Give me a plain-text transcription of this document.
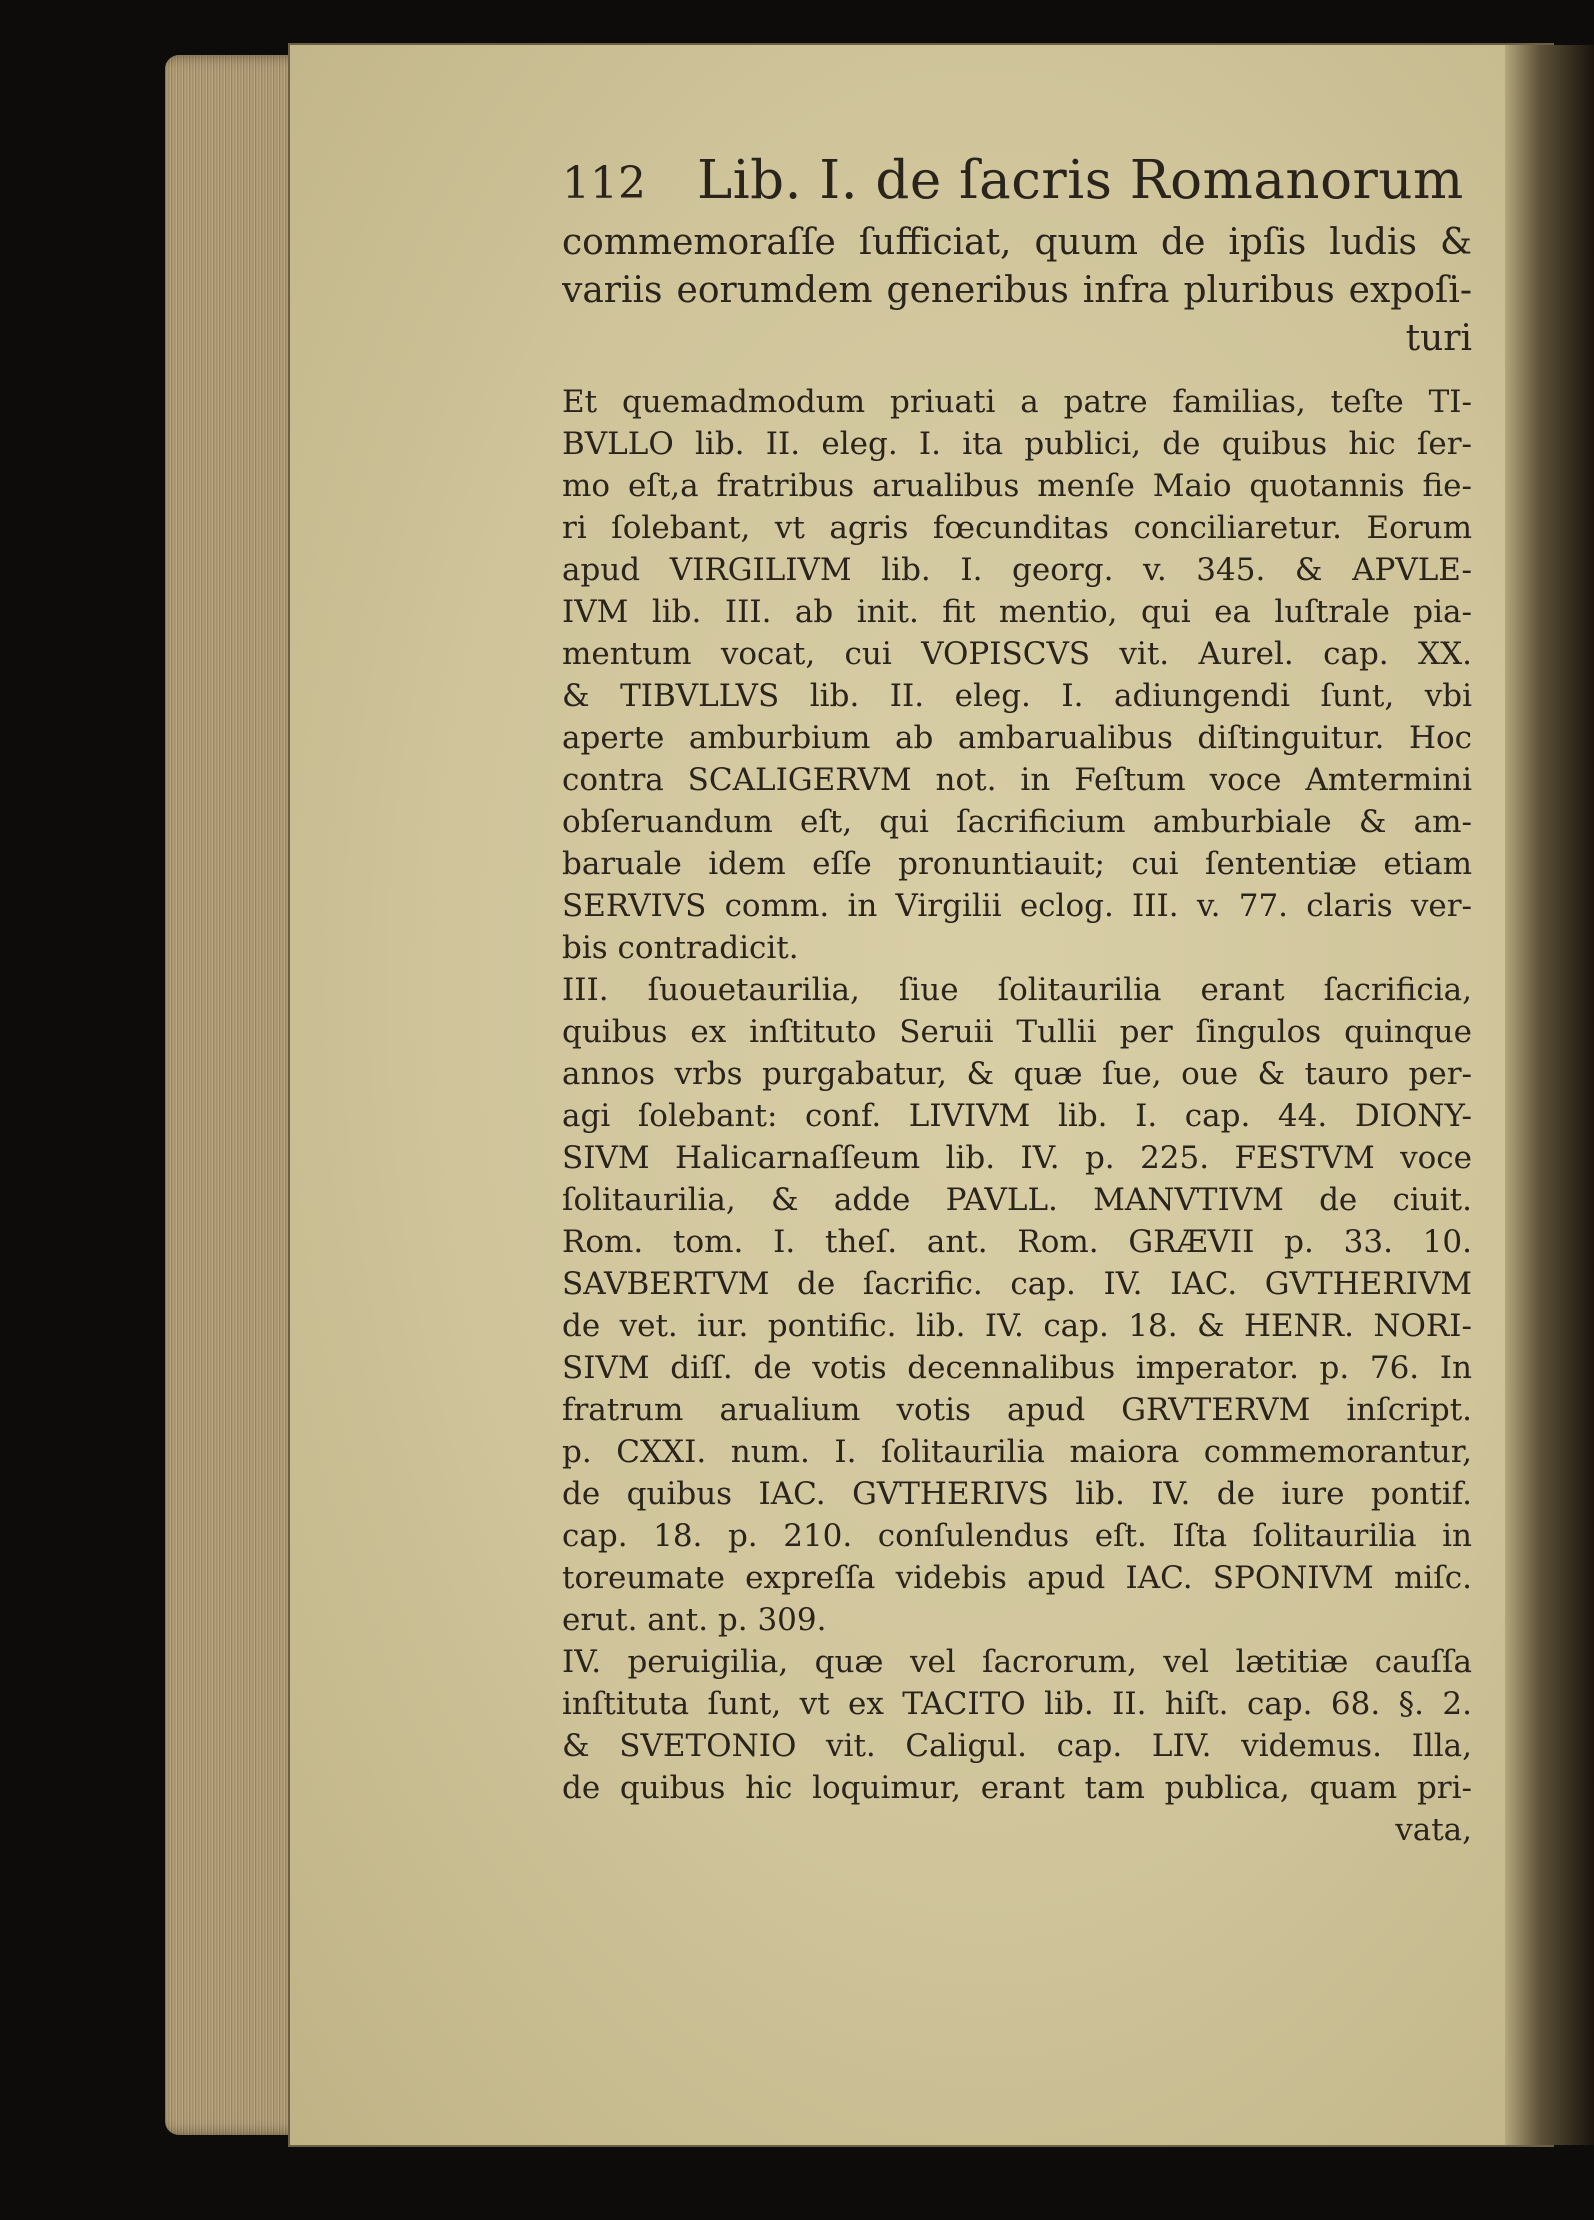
112 Lib. I. de ſacris Romanorum
commemoraſſe ſufficiat, quum de ipſis ludis &
variis eorumdem generibus infra pluribus expoſi-
turi
Et quemadmodum priuati a patre familias, teſte TI-
BVLLO lib. II. eleg. I. ita publici, de quibus hic ſer-
mo eſt,a fratribus arualibus menſe Maio quotannis fie-
ri ſolebant, vt agris fœcunditas conciliaretur. Eorum
apud VIRGILIVM lib. I. georg. v. 345. & APVLE-
IVM lib. III. ab init. fit mentio, qui ea luſtrale pia-
mentum vocat, cui VOPISCVS vit. Aurel. cap. XX.
& TIBVLLVS lib. II. eleg. I. adiungendi ſunt, vbi
aperte amburbium ab ambarualibus diſtinguitur. Hoc
contra SCALIGERVM not. in Feſtum voce Amtermini
obſeruandum eſt, qui ſacrificium amburbiale & am-
baruale idem eſſe pronuntiauit; cui ſententiæ etiam
SERVIVS comm. in Virgilii eclog. III. v. 77. claris ver-
bis contradicit.
III. ſuouetaurilia, ſiue ſolitaurilia erant ſacrificia,
quibus ex inſtituto Seruii Tullii per ſingulos quinque
annos vrbs purgabatur, & quæ ſue, oue & tauro per-
agi ſolebant: conf. LIVIVM lib. I. cap. 44. DIONY-
SIVM Halicarnaſſeum lib. IV. p. 225. FESTVM voce
ſolitaurilia, & adde PAVLL. MANVTIVM de ciuit.
Rom. tom. I. theſ. ant. Rom. GRÆVII p. 33. 10.
SAVBERTVM de ſacrific. cap. IV. IAC. GVTHERIVM
de vet. iur. pontific. lib. IV. cap. 18. & HENR. NORI-
SIVM diſſ. de votis decennalibus imperator. p. 76. In
fratrum arualium votis apud GRVTERVM inſcript.
p. CXXI. num. I. ſolitaurilia maiora commemorantur,
de quibus IAC. GVTHERIVS lib. IV. de iure pontif.
cap. 18. p. 210. conſulendus eſt. Iſta ſolitaurilia in
toreumate expreſſa videbis apud IAC. SPONIVM miſc.
erut. ant. p. 309.
IV. peruigilia, quæ vel ſacrorum, vel lætitiæ cauſſa
inſtituta ſunt, vt ex TACITO lib. II. hiſt. cap. 68. §. 2.
& SVETONIO vit. Caligul. cap. LIV. videmus. Illa,
de quibus hic loquimur, erant tam publica, quam pri-
vata,
